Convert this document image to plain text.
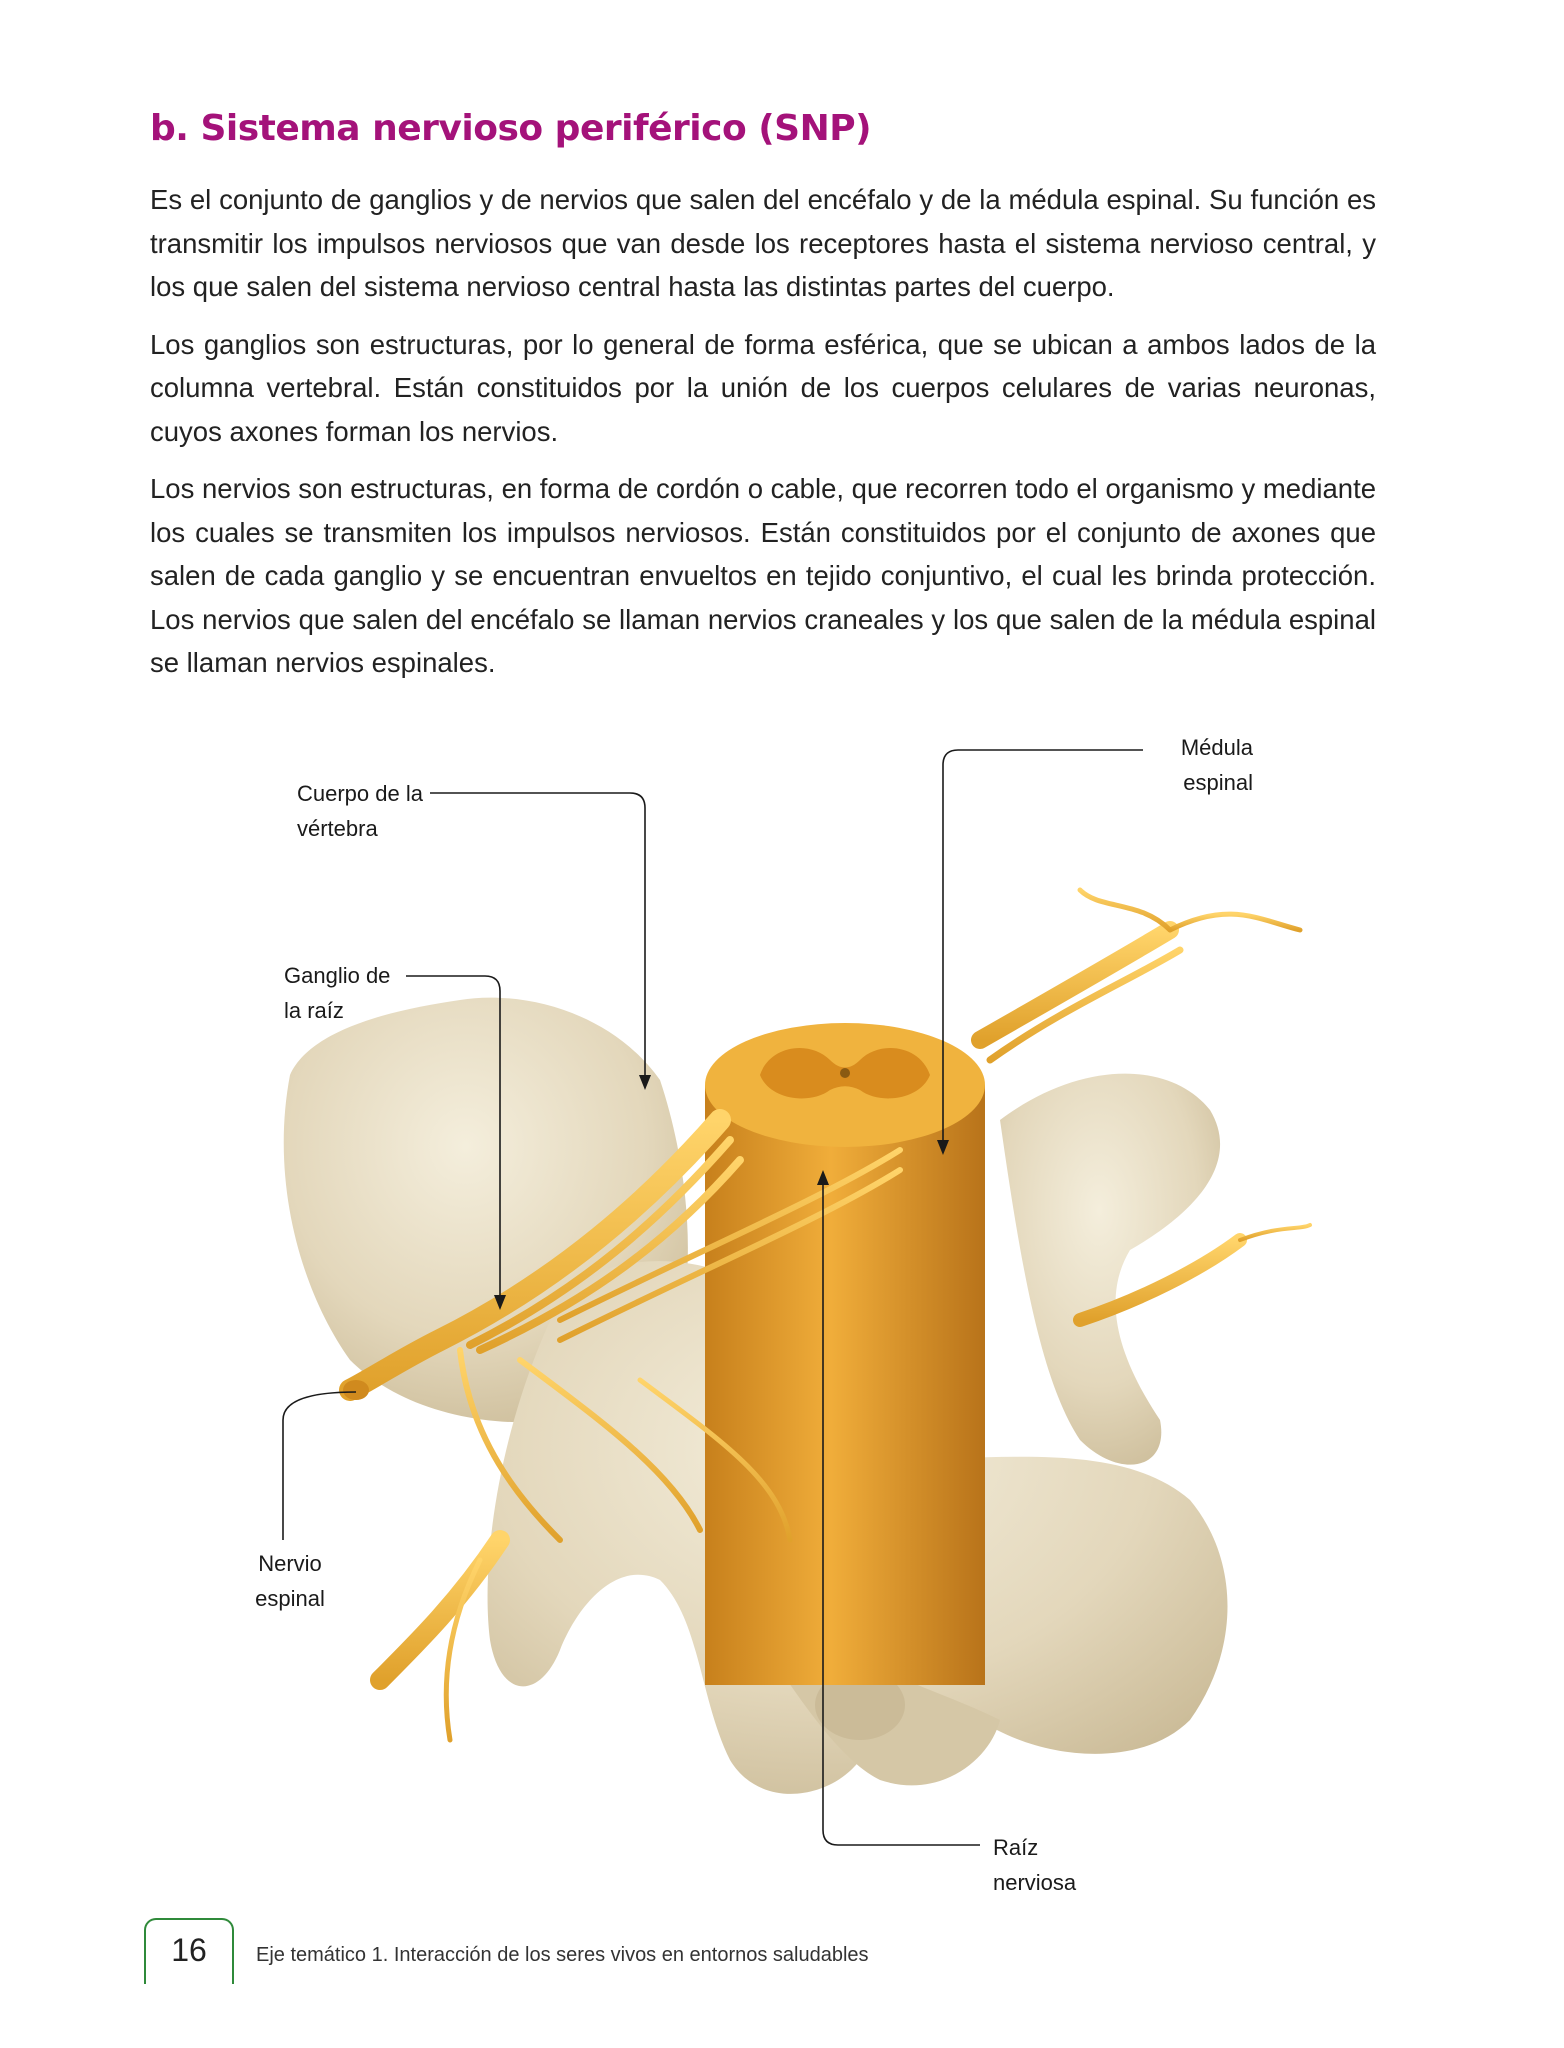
b. Sistema nervioso periférico (SNP)

Es el conjunto de ganglios y de nervios que salen del encéfalo y de la médula espinal. Su función es transmitir los impulsos nerviosos que van desde los receptores hasta el sistema nervioso central, y los que salen del sistema nervioso central hasta las distintas partes del cuerpo.

Los ganglios son estructuras, por lo general de forma esférica, que se ubican a ambos lados de la columna vertebral. Están constituidos por la unión de los cuerpos celulares de varias neuronas, cuyos axones forman los nervios.

Los nervios son estructuras, en forma de cordón o cable, que recorren todo el organismo y mediante los cuales se transmiten los impulsos nerviosos. Están constituidos por el conjunto de axones que salen de cada ganglio y se encuentran envueltos en tejido conjuntivo, el cual les brinda protección. Los nervios que salen del encéfalo se llaman nervios craneales y los que salen de la médula espinal se llaman nervios espinales.

Cuerpo de la
vértebra
Médula
espinal
Ganglio de
la raíz
Nervio
espinal
Raíz
nerviosa
16	Eje temático 1. Interacción de los seres vivos en entornos saludables
